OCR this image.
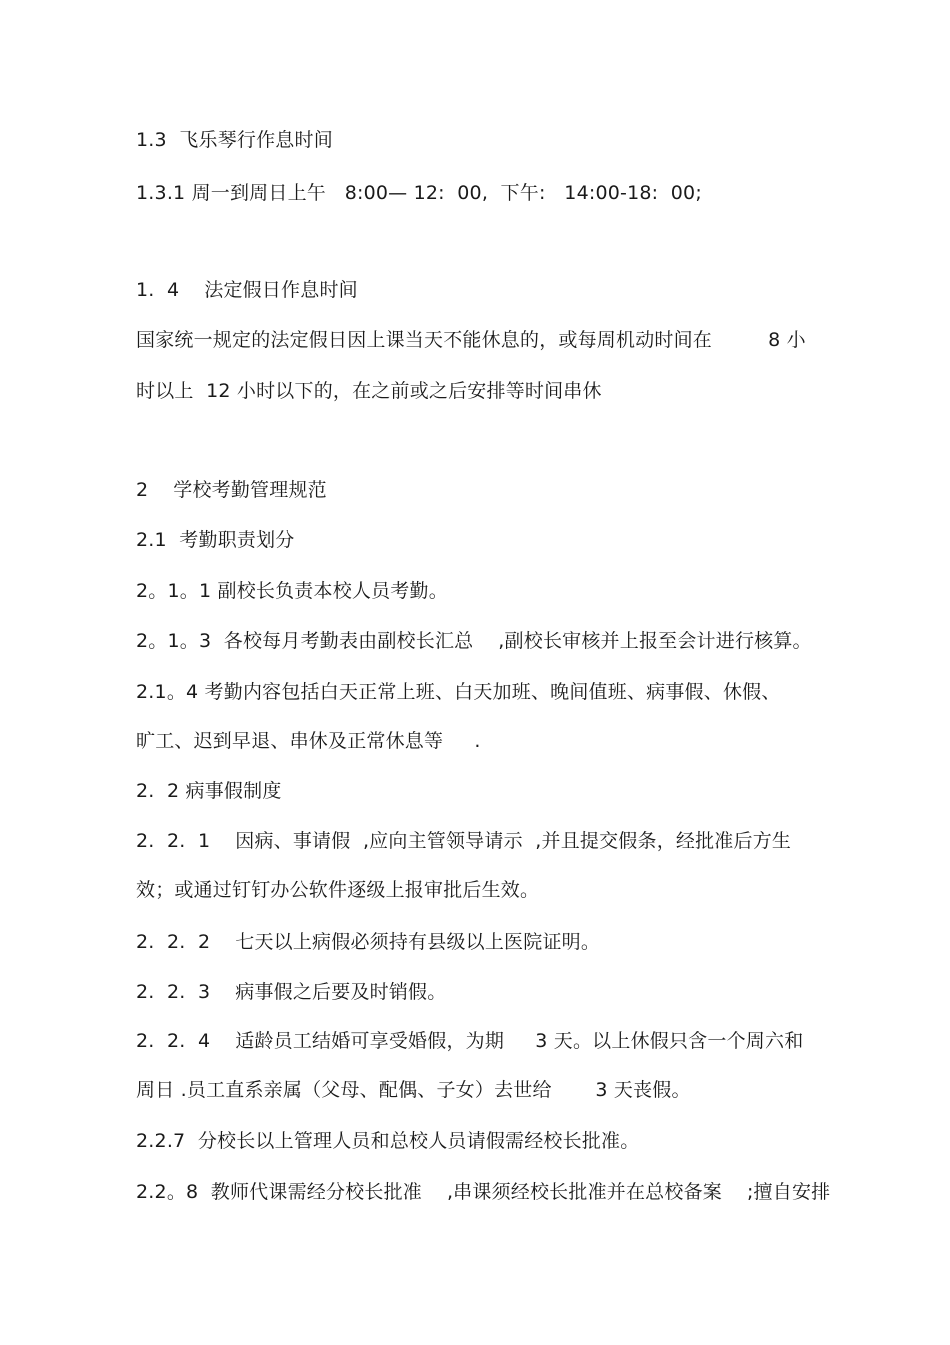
1.3  飞乐琴行作息时间
1.3.1 周一到周日上午   8:00— 12:  00,  下午:   14:00-18:  00;
1.  4    法定假日作息时间
国家统一规定的法定假日因上课当天不能休息的，或每周机动时间在         8 小
时以上  12 小时以下的，在之前或之后安排等时间串休
2    学校考勤管理规范
2.1  考勤职责划分
2。1。1 副校长负责本校人员考勤。
2。1。3  各校每月考勤表由副校长汇总    ,副校长审核并上报至会计进行核算。
2.1。4 考勤内容包括白天正常上班、白天加班、晚间值班、病事假、休假、
旷工、迟到早退、串休及正常休息等     .
2.  2 病事假制度
2.  2.  1    因病、事请假  ,应向主管领导请示  ,并且提交假条，经批准后方生
效；或通过钉钉办公软件逐级上报审批后生效。
2.  2.  2    七天以上病假必须持有县级以上医院证明。
2.  2.  3    病事假之后要及时销假。
2.  2.  4    适龄员工结婚可享受婚假，为期     3 天。以上休假只含一个周六和
周日 .员工直系亲属（父母、配偶、子女）去世给       3 天丧假。
2.2.7  分校长以上管理人员和总校人员请假需经校长批准。
2.2。8  教师代课需经分校长批准    ,串课须经校长批准并在总校备案    ;擅自安排
